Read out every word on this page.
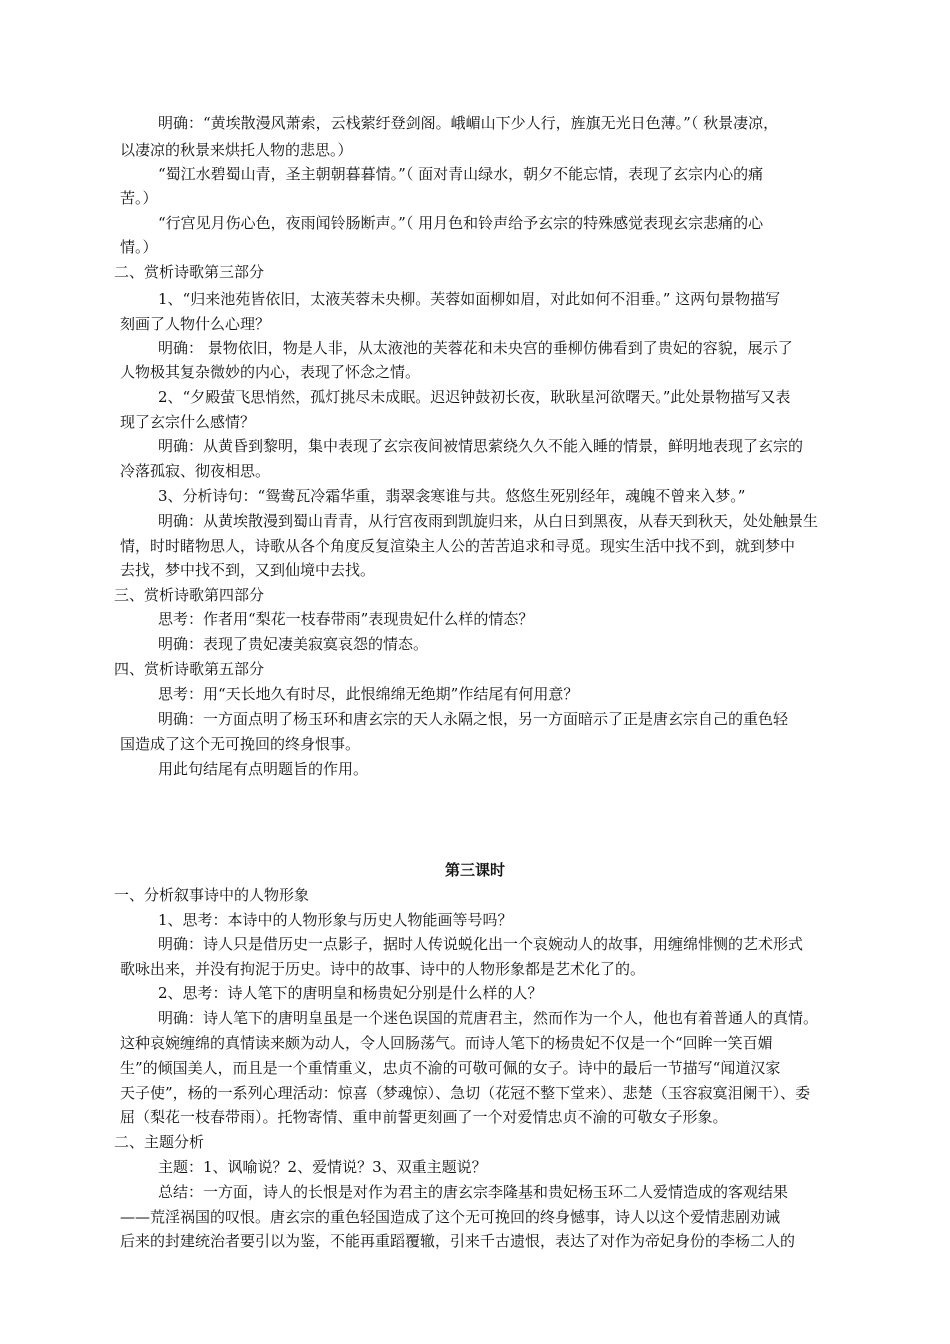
明确：“黄埃散漫风萧索，云栈萦纡登剑阁。峨嵋山下少人行，旌旗无光日色薄。”（ 秋景凄凉，
以凄凉的秋景来烘托人物的悲思。）
“蜀江水碧蜀山青，圣主朝朝暮暮情。”（ 面对青山绿水，朝夕不能忘情，表现了玄宗内心的痛
苦。）
“行宫见月伤心色，夜雨闻铃肠断声。”（ 用月色和铃声给予玄宗的特殊感觉表现玄宗悲痛的心
情。）
二、赏析诗歌第三部分
1、“归来池苑皆依旧，太液芙蓉未央柳。芙蓉如面柳如眉，对此如何不泪垂。” 这两句景物描写
刻画了人物什么心理？
明确： 景物依旧，物是人非，从太液池的芙蓉花和未央宫的垂柳仿佛看到了贵妃的容貌，展示了
人物极其复杂微妙的内心，表现了怀念之情。
2、“夕殿萤飞思悄然，孤灯挑尽未成眠。迟迟钟鼓初长夜，耿耿星河欲曙天。”此处景物描写又表
现了玄宗什么感情？
明确：从黄昏到黎明，集中表现了玄宗夜间被情思萦绕久久不能入睡的情景，鲜明地表现了玄宗的
冷落孤寂、彻夜相思。
3、分析诗句：“鸳鸯瓦冷霜华重，翡翠衾寒谁与共。悠悠生死别经年，魂魄不曾来入梦。”
明确：从黄埃散漫到蜀山青青，从行宫夜雨到凯旋归来，从白日到黑夜，从春天到秋天，处处触景生
情，时时睹物思人，诗歌从各个角度反复渲染主人公的苦苦追求和寻觅。现实生活中找不到，就到梦中
去找，梦中找不到，又到仙境中去找。
三、赏析诗歌第四部分
思考：作者用“梨花一枝春带雨”表现贵妃什么样的情态？
明确：表现了贵妃凄美寂寞哀怨的情态。
四、赏析诗歌第五部分
思考：用“天长地久有时尽，此恨绵绵无绝期”作结尾有何用意？
明确：一方面点明了杨玉环和唐玄宗的天人永隔之恨，另一方面暗示了正是唐玄宗自己的重色轻
国造成了这个无可挽回的终身恨事。
用此句结尾有点明题旨的作用。
第三课时
一、分析叙事诗中的人物形象
1、思考：本诗中的人物形象与历史人物能画等号吗？
明确：诗人只是借历史一点影子，据时人传说蜕化出一个哀婉动人的故事，用缠绵悱恻的艺术形式
歌咏出来，并没有拘泥于历史。诗中的故事、诗中的人物形象都是艺术化了的。
2、思考：诗人笔下的唐明皇和杨贵妃分别是什么样的人？
明确：诗人笔下的唐明皇虽是一个迷色误国的荒唐君主，然而作为一个人，他也有着普通人的真情。
这种哀婉缠绵的真情读来颇为动人，令人回肠荡气。而诗人笔下的杨贵妃不仅是一个“回眸一笑百媚
生”的倾国美人，而且是一个重情重义，忠贞不渝的可敬可佩的女子。诗中的最后一节描写“闻道汉家
天子使”，杨的一系列心理活动：惊喜（梦魂惊）、急切（花冠不整下堂来）、悲楚（玉容寂寞泪阑干）、委
屈（梨花一枝春带雨）。托物寄情、重申前誓更刻画了一个对爱情忠贞不渝的可敬女子形象。
二、主题分析
主题：1、讽喻说？2、爱情说？3、双重主题说？
总结：一方面，诗人的长恨是对作为君主的唐玄宗李隆基和贵妃杨玉环二人爱情造成的客观结果
——荒淫祸国的叹恨。唐玄宗的重色轻国造成了这个无可挽回的终身憾事，诗人以这个爱情悲剧劝诫
后来的封建统治者要引以为鉴，不能再重蹈覆辙，引来千古遗恨，表达了对作为帝妃身份的李杨二人的
